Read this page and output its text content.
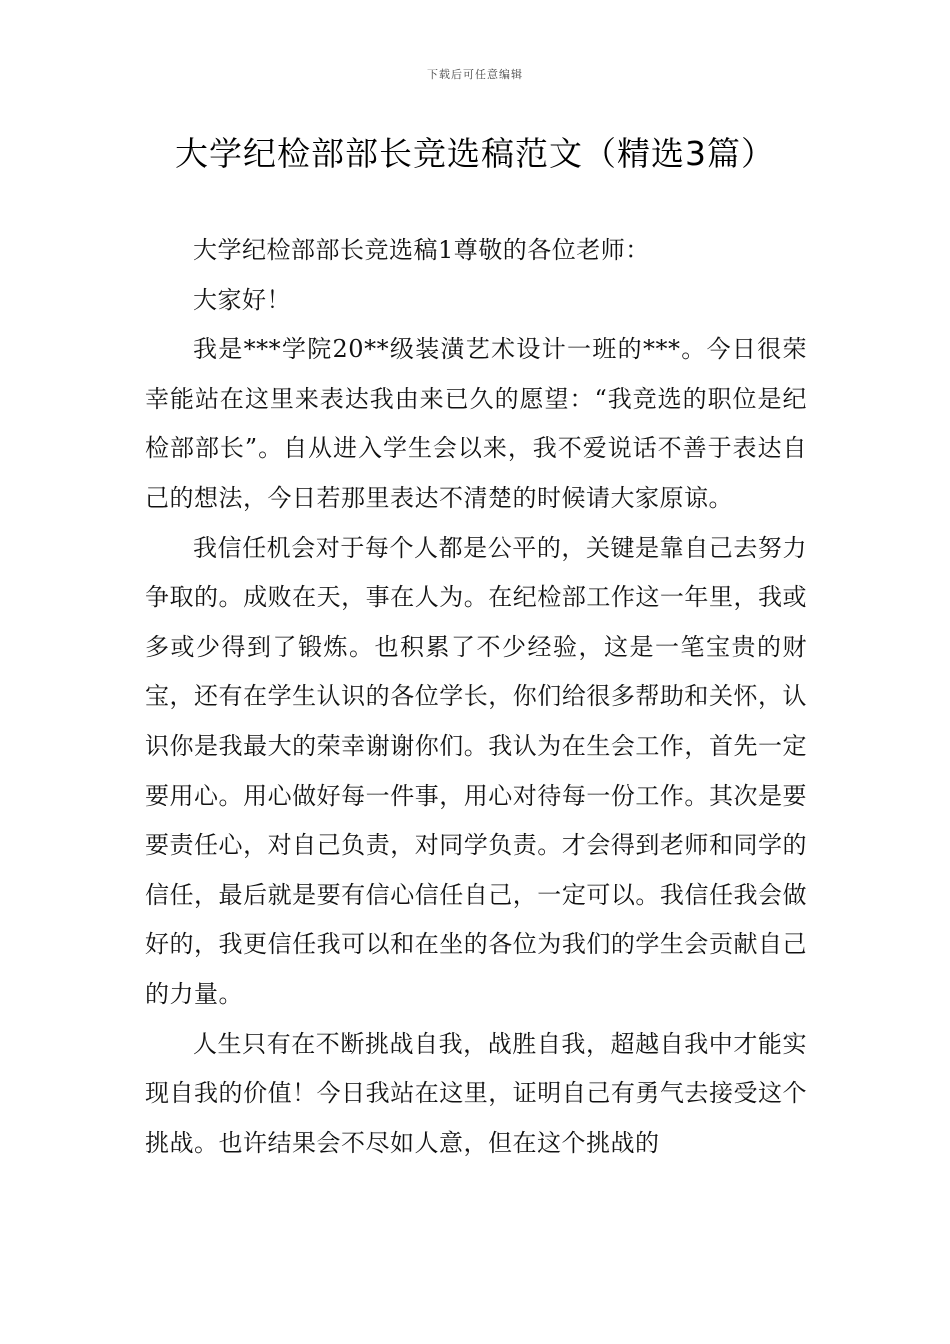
下载后可任意编辑
大学纪检部部长竞选稿范文（精选3篇）

大学纪检部部长竞选稿1尊敬的各位老师：

大家好！

我是***学院20**级装潢艺术设计一班的***。今日很荣幸能站在这里来表达我由来已久的愿望：“我竞选的职位是纪检部部长”。自从进入学生会以来，我不爱说话不善于表达自己的想法，今日若那里表达不清楚的时候请大家原谅。

我信任机会对于每个人都是公平的，关键是靠自己去努力争取的。成败在天，事在人为。在纪检部工作这一年里，我或多或少得到了锻炼。也积累了不少经验，这是一笔宝贵的财宝，还有在学生认识的各位学长，你们给很多帮助和关怀，认识你是我最大的荣幸谢谢你们。我认为在生会工作，首先一定要用心。用心做好每一件事，用心对待每一份工作。其次是要要责任心，对自己负责，对同学负责。才会得到老师和同学的信任，最后就是要有信心信任自己，一定可以。我信任我会做好的，我更信任我可以和在坐的各位为我们的学生会贡献自己的力量。

人生只有在不断挑战自我，战胜自我，超越自我中才能实现自我的价值！今日我站在这里，证明自己有勇气去接受这个挑战。也许结果会不尽如人意，但在这个挑战的
